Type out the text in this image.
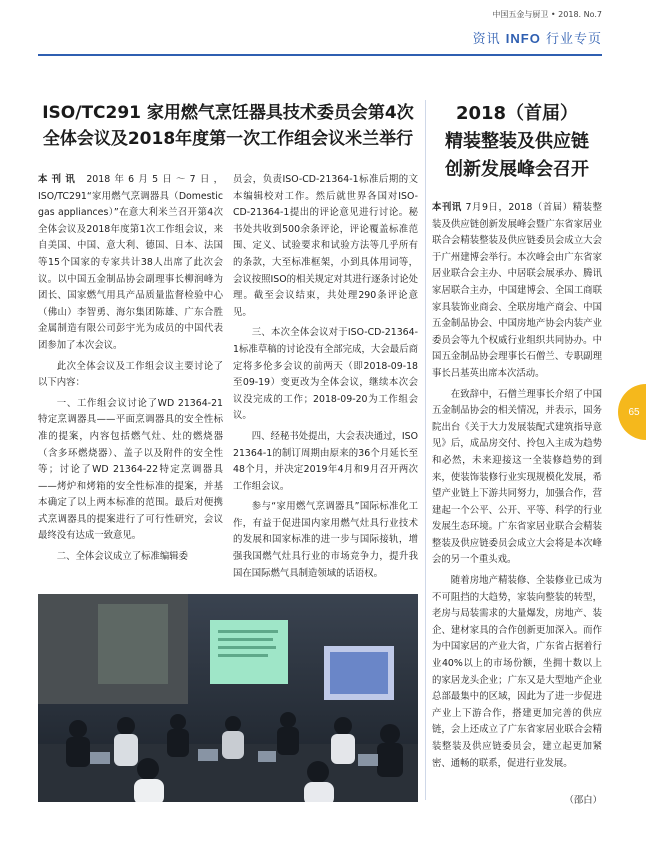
中国五金与厨卫 • 2018. No.7
资讯 INFO 行业专页
ISO/TC291 家用燃气烹饪器具技术委员会第4次
全体会议及2018年度第一次工作组会议米兰举行
2018（首届）
精装整装及供应链
创新发展峰会召开

本刊讯 2018年6月5日～7日，ISO/TC291“家用燃气烹调器具（Domestic gas appliances）”在意大利米兰召开第4次全体会议及2018年度第1次工作组会议，来自美国、中国、意大利、德国、日本、法国等15个国家的专家共计38人出席了此次会议。以中国五金制品协会副理事长柳润峰为团长、国家燃气用具产品质量监督检验中心（佛山）李智勇、海尔集团陈雄、广东合胜金属制造有限公司彭宇光为成员的中国代表团参加了本次会议。

此次全体会议及工作组会议主要讨论了以下内容：

一、工作组会议讨论了WD 21364-21特定烹调器具——平面烹调器具的安全性标准的提案，内容包括燃气灶、灶的燃烧器（含多环燃烧器）、盖子以及附件的安全性等；讨论了WD 21364-22特定烹调器具——烤炉和烤箱的安全性标准的提案，并基本确定了以上两本标准的范围。最后对便携式烹调器具的提案进行了可行性研究，会议最终没有达成一致意见。

二、全体会议成立了标准编辑委

员会，负责ISO-CD-21364-1标准后期的文本编辑校对工作。然后就世界各国对ISO-CD-21364-1提出的评论意见进行讨论。秘书处共收到500余条评论，评论覆盖标准范围、定义、试验要求和试验方法等几乎所有的条款，大至标准框架，小到具体用词等，会议按照ISO的相关规定对其进行逐条讨论处理。截至会议结束，共处理290条评论意见。

三、本次全体会议对于ISO-CD-21364-1标准草稿的讨论没有全部完成，大会最后商定将多伦多会议的前两天（即2018-09-18至09-19）变更改为全体会议，继续本次会议没完成的工作；2018-09-20为工作组会议。

四、经秘书处提出，大会表决通过，ISO 21364-1的制订周期由原来的36个月延长至48个月，并决定2019年4月和9月召开两次工作组会议。

参与“家用燃气烹调器具”国际标准化工作，有益于促进国内家用燃气灶具行业技术的发展和国家标准的进一步与国际接轨，增强我国燃气灶具行业的市场竞争力，提升我国在国际燃气具制造领域的话语权。

本刊讯 7月9日，2018（首届）精装整装及供应链创新发展峰会暨广东省家居业联合会精装整装及供应链委员会成立大会于广州建博会举行。本次峰会由广东省家居业联合会主办、中居联会展承办、腾讯家居联合主办，中国建博会、全国工商联家具装饰业商会、全联房地产商会、中国五金制品协会、中国房地产协会内装产业委员会等九个权威行业组织共同协办。中国五金制品协会理事长石僧兰、专职副理事长吕基英出席本次活动。

在致辞中，石僧兰理事长介绍了中国五金制品协会的相关情况，并表示，国务院出台《关于大力发展装配式建筑指导意见》后，成品房交付、拎包入主成为趋势和必然，未来迎接这一全装修趋势的到来，使装饰装修行业实现规模化发展，希望产业链上下游共同努力，加强合作，营建起一个公平、公开、平等、科学的行业发展生态环境。广东省家居业联合会精装整装及供应链委员会成立大会将是本次峰会的另一个重头戏。

随着房地产精装修、全装修业已成为不可阻挡的大趋势，家装向整装的转型，老房与局装需求的大量爆发，房地产、装企、建材家具的合作创新更加深入。而作为中国家居的产业大省，广东省占据着行业40%以上的市场份额，坐拥十数以上的家居龙头企业；广东又是大型地产企业总部最集中的区域，因此为了进一步促进产业上下游合作，搭建更加完善的供应链，会上还成立了广东省家居业联合会精装整装及供应链委员会，建立起更加紧密、通畅的联系，促进行业发展。

（邵白）
65
